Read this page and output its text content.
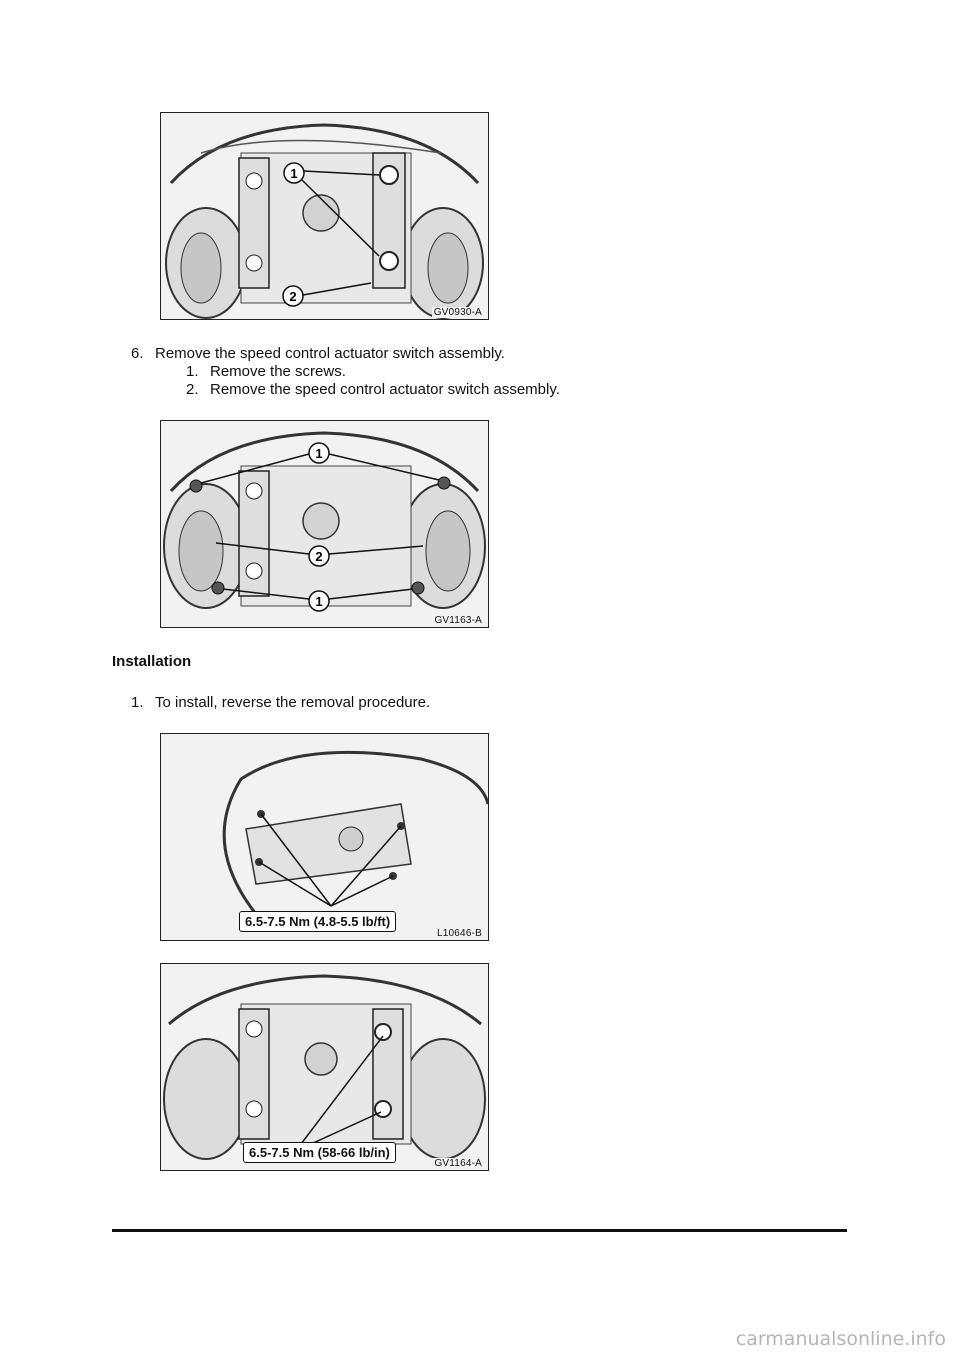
1
2
GV0930-A
6. Remove the speed control actuator switch assembly.
1. Remove the screws.
2. Remove the speed control actuator switch assembly.
1
2
1
GV1163-A
Installation
1. To install, reverse the removal procedure.
6.5-7.5 Nm (4.8-5.5 lb/ft)
L10646-B
6.5-7.5 Nm (58-66 lb/in)
GV1164-A
carmanualsonline.info
